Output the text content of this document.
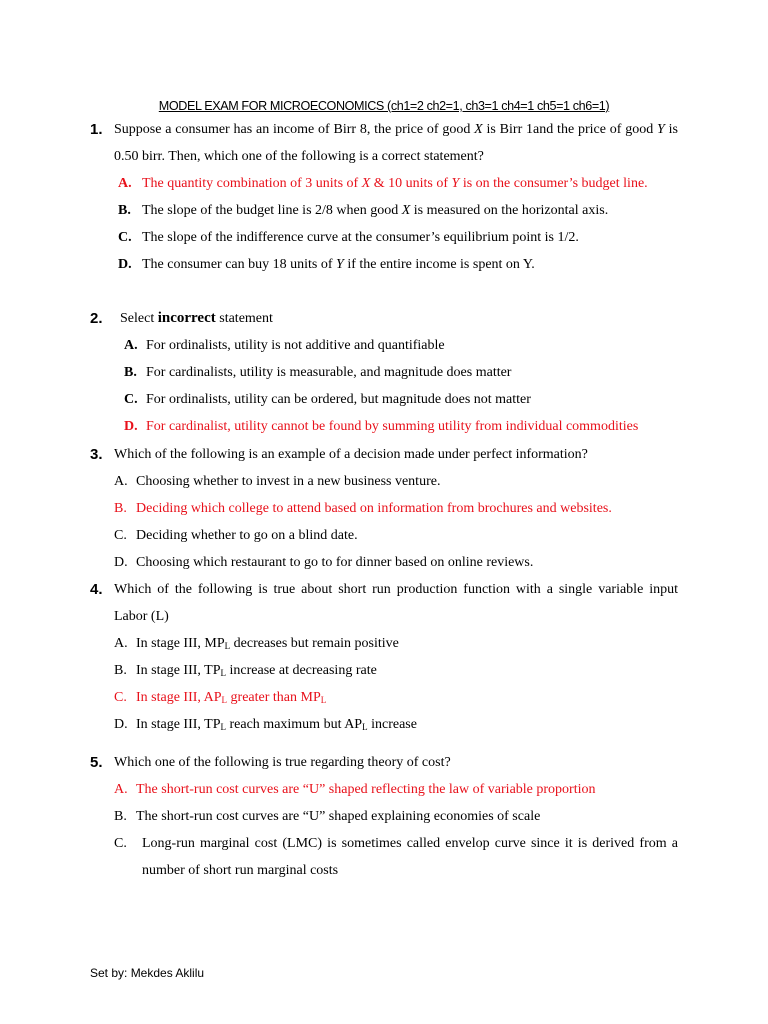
MODEL EXAM FOR MICROECONOMICS (ch1=2 ch2=1, ch3=1 ch4=1 ch5=1 ch6=1)
1. Suppose a consumer has an income of Birr 8, the price of good X is Birr 1and the price of good Y is 0.50 birr. Then, which one of the following is a correct statement?
A. The quantity combination of 3 units of X & 10 units of Y is on the consumer’s budget line.
B. The slope of the budget line is 2/8 when good X is measured on the horizontal axis.
C. The slope of the indifference curve at the consumer’s equilibrium point is 1/2.
D. The consumer can buy 18 units of Y if the entire income is spent on Y.
2. Select incorrect statement
A. For ordinalists, utility is not additive and quantifiable
B. For cardinalists, utility is measurable, and magnitude does matter
C. For ordinalists, utility can be ordered, but magnitude does not matter
D. For cardinalist, utility cannot be found by summing utility from individual commodities
3. Which of the following is an example of a decision made under perfect information?
A. Choosing whether to invest in a new business venture.
B. Deciding which college to attend based on information from brochures and websites.
C. Deciding whether to go on a blind date.
D. Choosing which restaurant to go to for dinner based on online reviews.
4. Which of the following is true about short run production function with a single variable input Labor (L)
A. In stage III, $MP_L$ decreases but remain positive
B. In stage III, $TP_L$ increase at decreasing rate
C. In stage III, $AP_L$ greater than $MP_L$
D. In stage III, $TP_L$ reach maximum but $AP_L$ increase
5. Which one of the following is true regarding theory of cost?
A. The short-run cost curves are “U” shaped reflecting the law of variable proportion
B. The short-run cost curves are “U” shaped explaining economies of scale
C. Long-run marginal cost (LMC) is sometimes called envelop curve since it is derived from a number of short run marginal costs
Set by: Mekdes Aklilu
